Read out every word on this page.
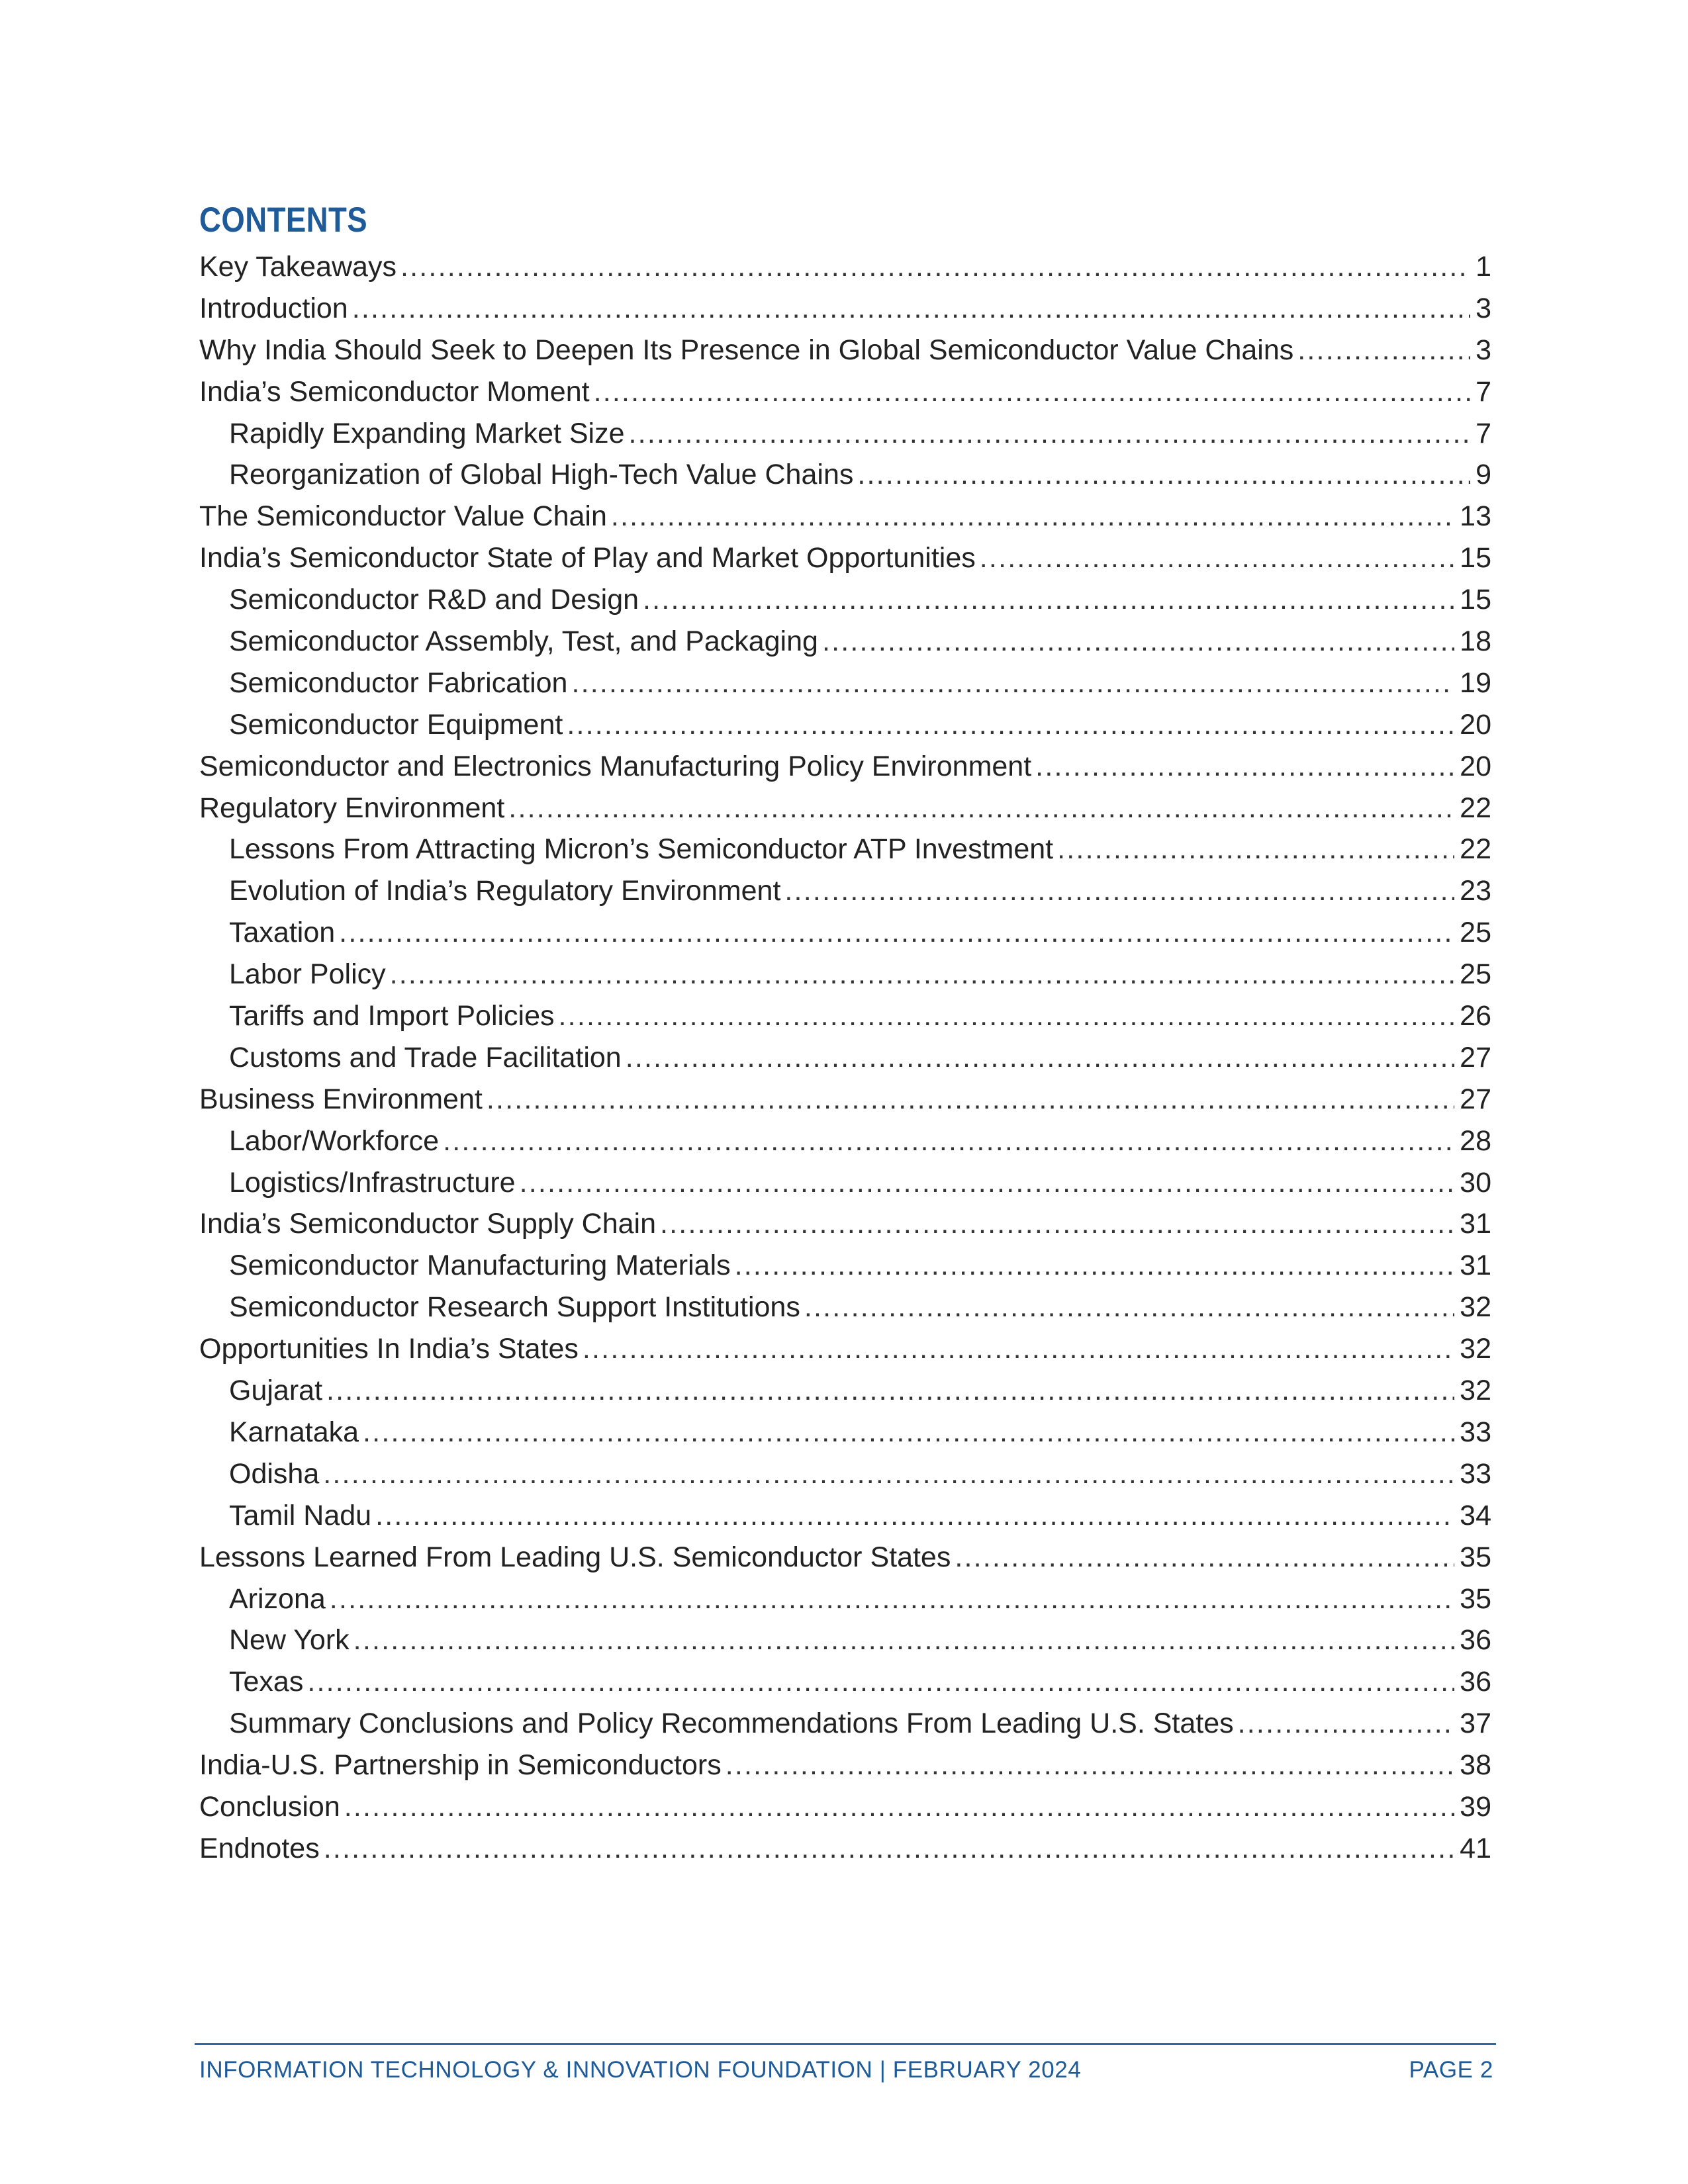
CONTENTS
Key Takeaways .....	1
Introduction .....	3
Why India Should Seek to Deepen Its Presence in Global Semiconductor Value Chains .....	3
India’s Semiconductor Moment .....	7
Rapidly Expanding Market Size .....	7
Reorganization of Global High-Tech Value Chains .....	9
The Semiconductor Value Chain .....	13
India’s Semiconductor State of Play and Market Opportunities .....	15
Semiconductor R&D and Design .....	15
Semiconductor Assembly, Test, and Packaging .....	18
Semiconductor Fabrication .....	19
Semiconductor Equipment .....	20
Semiconductor and Electronics Manufacturing Policy Environment .....	20
Regulatory Environment .....	22
Lessons From Attracting Micron’s Semiconductor ATP Investment .....	22
Evolution of India’s Regulatory Environment .....	23
Taxation .....	25
Labor Policy .....	25
Tariffs and Import Policies .....	26
Customs and Trade Facilitation .....	27
Business Environment .....	27
Labor/Workforce .....	28
Logistics/Infrastructure .....	30
India’s Semiconductor Supply Chain .....	31
Semiconductor Manufacturing Materials .....	31
Semiconductor Research Support Institutions .....	32
Opportunities In India’s States .....	32
Gujarat .....	32
Karnataka .....	33
Odisha .....	33
Tamil Nadu .....	34
Lessons Learned From Leading U.S. Semiconductor States .....	35
Arizona .....	35
New York .....	36
Texas .....	36
Summary Conclusions and Policy Recommendations From Leading U.S. States .....	37
India-U.S. Partnership in Semiconductors .....	38
Conclusion .....	39
Endnotes .....	41
INFORMATION TECHNOLOGY & INNOVATION FOUNDATION | FEBRUARY 2024	PAGE 2
